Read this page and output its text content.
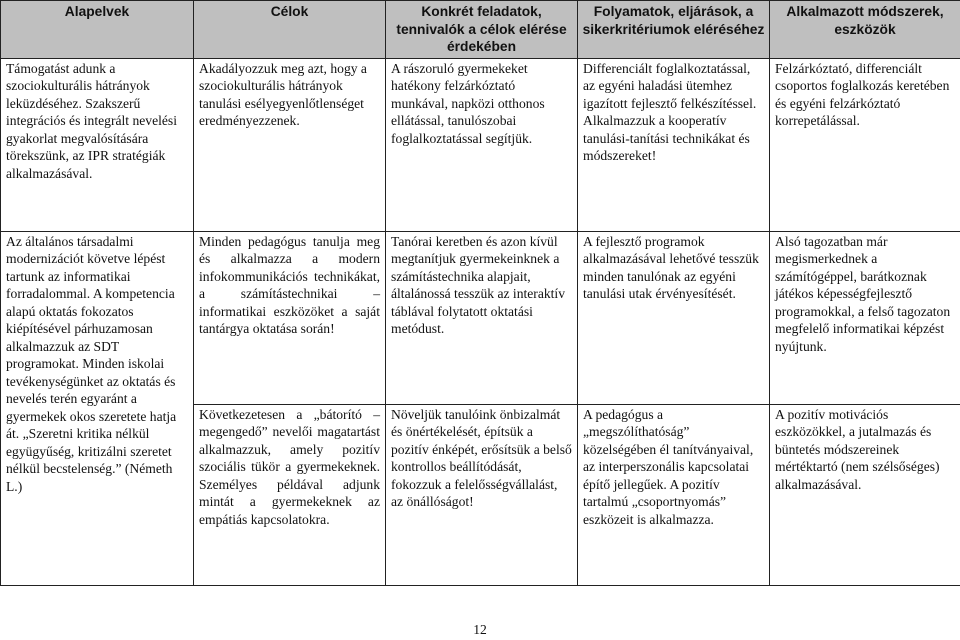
Alapelvek	Célok	Konkrét feladatok, tennivalók a célok elérése érdekében	Folyamatok, eljárások, a sikerkritériumok eléréséhez	Alkalmazott módszerek, eszközök

Támogatást adunk a szociokulturális hátrányok leküzdéséhez. Szakszerű integrációs és integrált nevelési gyakorlat megvalósítására törekszünk, az IPR stratégiák alkalmazásával.	Akadályozzuk meg azt, hogy a szociokulturális hátrányok tanulási esélyegyenlőtlenséget eredményezzenek.	A rászoruló gyermekeket hatékony felzárkóztató munkával, napközi otthonos ellátással, tanulószobai foglalkoztatással segítjük.	Differenciált foglalkoztatással, az egyéni haladási ütemhez igazított fejlesztő felkészítéssel. Alkalmazzuk a kooperatív tanulási-tanítási technikákat és módszereket!	Felzárkóztató, differenciált csoportos foglalkozás keretében és egyéni felzárkóztató korrepetálással.

Az általános társadalmi modernizációt követve lépést tartunk az informatikai forradalommal. A kompetencia alapú oktatás fokozatos kiépítésével párhuzamosan alkalmazzuk az SDT programokat. Minden iskolai tevékenységünket az oktatás és nevelés terén egyaránt a gyermekek okos szeretete hatja át. „Szeretni kritika nélkül együgyűség, kritizálni szeretet nélkül becstelenség.” (Németh L.)	Minden pedagógus tanulja meg és alkalmazza a modern infokommunikációs technikákat, a számítástechnikai – informatikai eszközöket a saját tantárgya oktatása során!	Tanórai keretben és azon kívül megtanítjuk gyermekeinknek a számítástechnika alapjait, általánossá tesszük az interaktív táblával folytatott oktatási metódust.	A fejlesztő programok alkalmazásával lehetővé tesszük minden tanulónak az egyéni tanulási utak érvényesítését.	Alsó tagozatban már megismerkednek a számítógéppel, barátkoznak játékos képességfejlesztő programokkal, a felső tagozaton megfelelő informatikai képzést nyújtunk.

	Következetesen a „bátorító – megengedő” nevelői magatartást alkalmazzuk, amely pozitív szociális tükör a gyermekeknek. Személyes példával adjunk mintát a gyermekeknek az empátiás kapcsolatokra.	Növeljük tanulóink önbizalmát és önértékelését, építsük a pozitív énképét, erősítsük a belső kontrollos beállítódását, fokozzuk a felelősségvállalást, az önállóságot!	A pedagógus a „megszólíthatóság” közelségében él tanítványaival, az interperszonális kapcsolatai építő jellegűek. A pozitív tartalmú „csoportnyomás” eszközeit is alkalmazza.	A pozitív motivációs eszközökkel, a jutalmazás és büntetés módszereinek mértéktartó (nem szélsőséges) alkalmazásával.

12
